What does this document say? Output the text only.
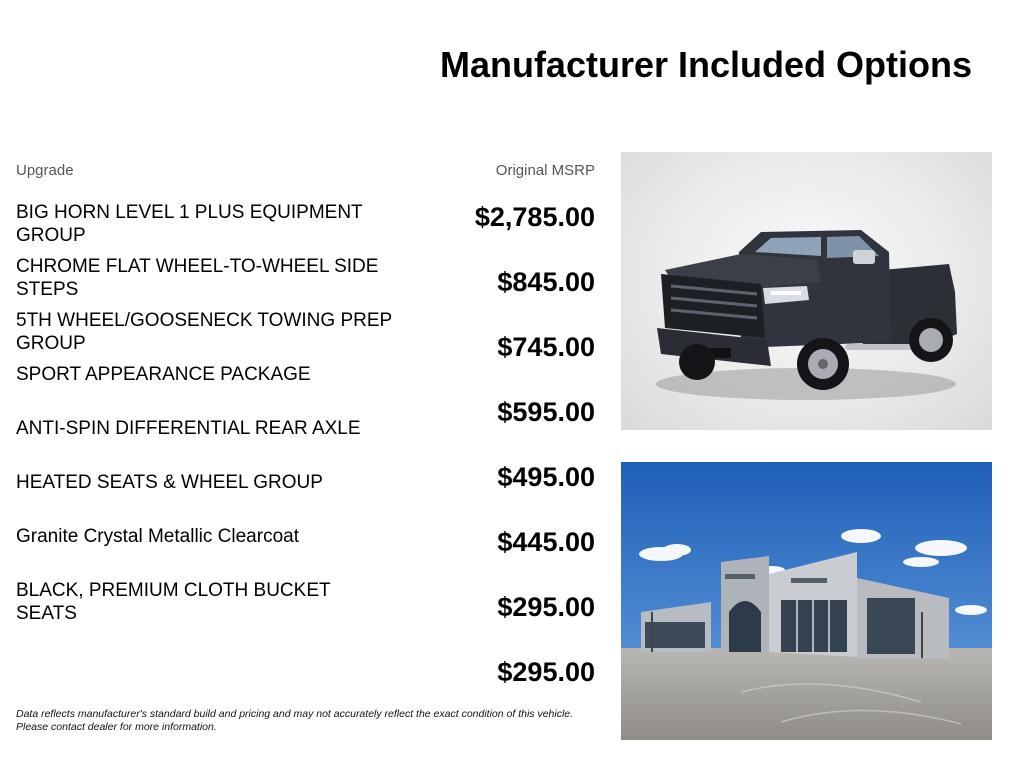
Manufacturer Included Options
Upgrade	Original MSRP
BIG HORN LEVEL 1 PLUS EQUIPMENT GROUP
CHROME FLAT WHEEL-TO-WHEEL SIDE STEPS
5TH WHEEL/GOOSENECK TOWING PREP GROUP
SPORT APPEARANCE PACKAGE
ANTI-SPIN DIFFERENTIAL REAR AXLE
HEATED SEATS & WHEEL GROUP
Granite Crystal Metallic Clearcoat
BLACK, PREMIUM CLOTH BUCKET SEATS
$2,785.00
$845.00
$745.00
$595.00
$495.00
$445.00
$295.00
$295.00
Data reflects manufacturer's standard build and pricing and may not accurately reflect the exact condition of this vehicle. Please contact dealer for more information.
